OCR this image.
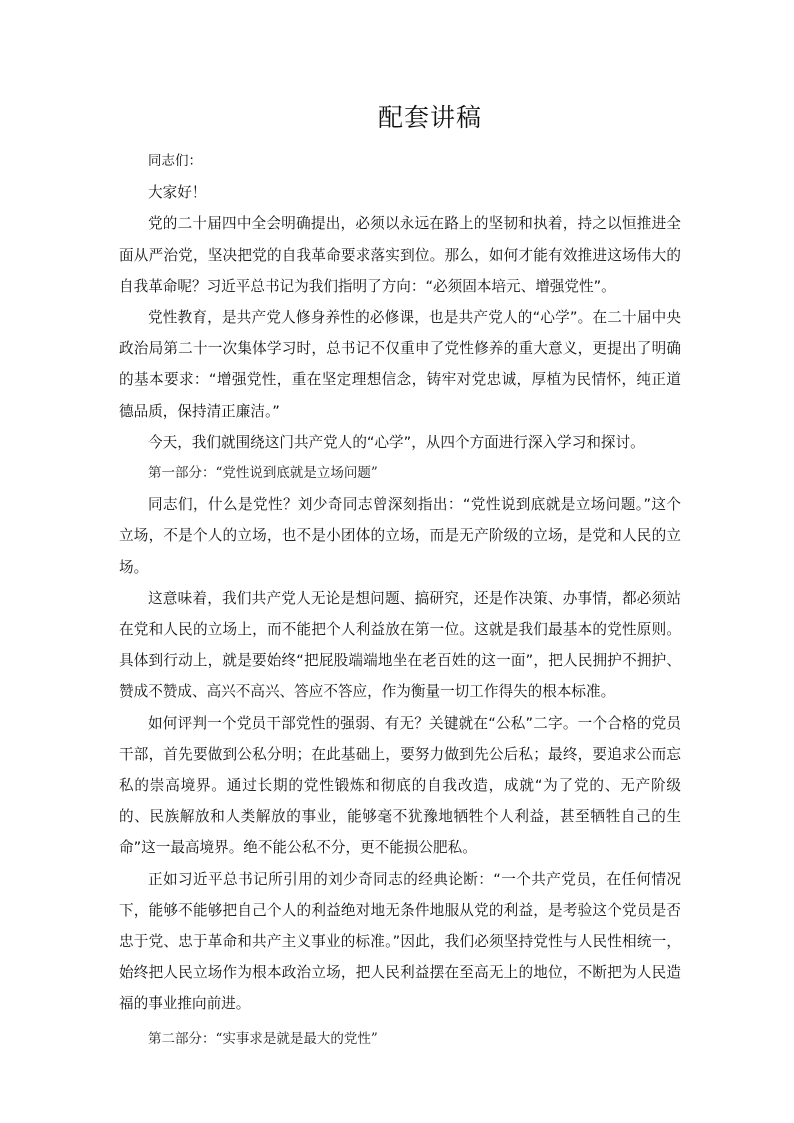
配套讲稿

同志们：

大家好！

党的二十届四中全会明确提出，必须以永远在路上的坚韧和执着，持之以恒推进全面从严治党，坚决把党的自我革命要求落实到位。那么，如何才能有效推进这场伟大的自我革命呢？习近平总书记为我们指明了方向：“必须固本培元、增强党性”。

党性教育，是共产党人修身养性的必修课，也是共产党人的“心学”。在二十届中央政治局第二十一次集体学习时，总书记不仅重申了党性修养的重大意义，更提出了明确的基本要求：“增强党性，重在坚定理想信念，铸牢对党忠诚，厚植为民情怀，纯正道德品质，保持清正廉洁。”

今天，我们就围绕这门共产党人的“心学”，从四个方面进行深入学习和探讨。

第一部分：“党性说到底就是立场问题”

同志们，什么是党性？刘少奇同志曾深刻指出：“党性说到底就是立场问题。”这个立场，不是个人的立场，也不是小团体的立场，而是无产阶级的立场，是党和人民的立场。

这意味着，我们共产党人无论是想问题、搞研究，还是作决策、办事情，都必须站在党和人民的立场上，而不能把个人利益放在第一位。这就是我们最基本的党性原则。具体到行动上，就是要始终“把屁股端端地坐在老百姓的这一面”，把人民拥护不拥护、赞成不赞成、高兴不高兴、答应不答应，作为衡量一切工作得失的根本标准。

如何评判一个党员干部党性的强弱、有无？关键就在“公私”二字。一个合格的党员干部，首先要做到公私分明；在此基础上，要努力做到先公后私；最终，要追求公而忘私的崇高境界。通过长期的党性锻炼和彻底的自我改造，成就“为了党的、无产阶级的、民族解放和人类解放的事业，能够毫不犹豫地牺牲个人利益，甚至牺牲自己的生命”这一最高境界。绝不能公私不分，更不能损公肥私。

正如习近平总书记所引用的刘少奇同志的经典论断：“一个共产党员，在任何情况下，能够不能够把自己个人的利益绝对地无条件地服从党的利益，是考验这个党员是否忠于党、忠于革命和共产主义事业的标准。”因此，我们必须坚持党性与人民性相统一，始终把人民立场作为根本政治立场，把人民利益摆在至高无上的地位，不断把为人民造福的事业推向前进。

第二部分：“实事求是就是最大的党性”
